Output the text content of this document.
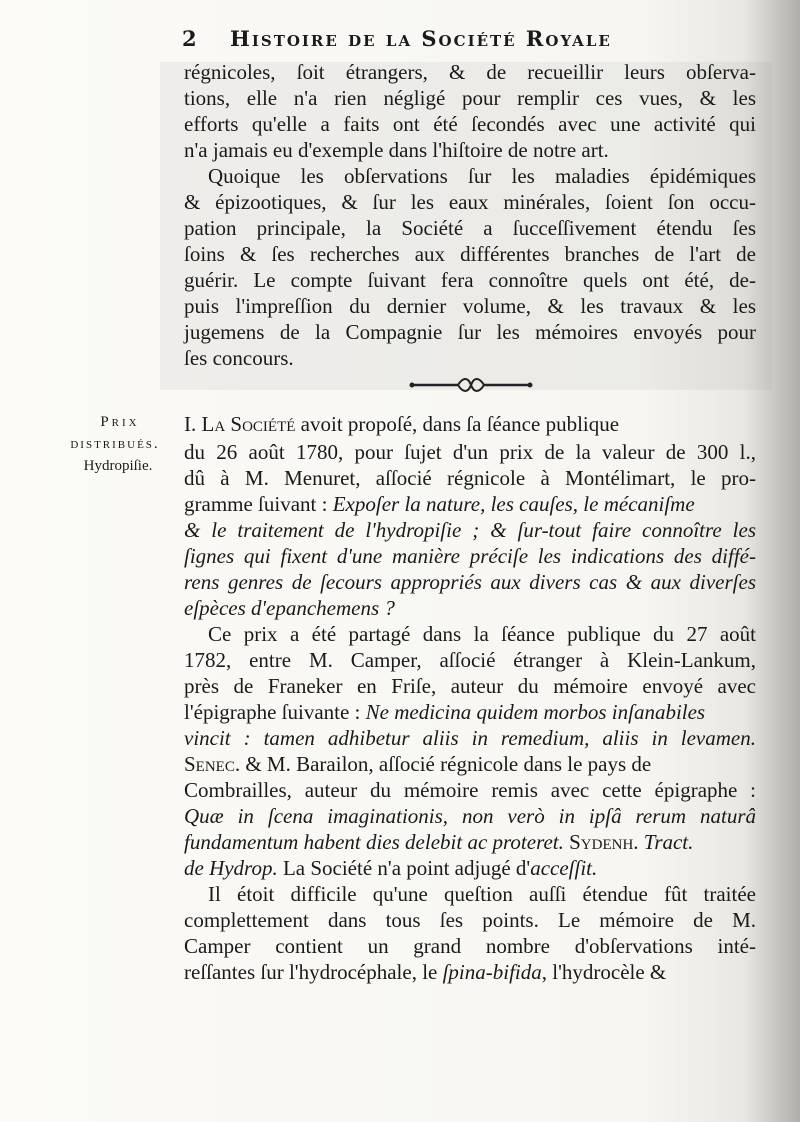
2 Histoire de la Société Royale
régnicoles, ſoit étrangers, & de recueillir leurs obſerva-
tions, elle n'a rien négligé pour remplir ces vues, & les
efforts qu'elle a faits ont été ſecondés avec une activité qui
n'a jamais eu d'exemple dans l'hiſtoire de notre art.
Quoique les obſervations ſur les maladies épidémiques
& épizootiques, & ſur les eaux minérales, ſoient ſon occu-
pation principale, la Société a ſucceſſivement étendu ſes
ſoins & ſes recherches aux différentes branches de l'art de
guérir. Le compte ſuivant fera connoître quels ont été, de-
puis l'impreſſion du dernier volume, & les travaux & les
jugemens de la Compagnie ſur les mémoires envoyés pour
ſes concours.
Prix
distribués.
Hydropiſie.
I. La Société avoit propoſé, dans ſa ſéance publique
du 26 août 1780, pour ſujet d'un prix de la valeur de 300 l.,
dû à M. Menuret, aſſocié régnicole à Montélimart, le pro-
gramme ſuivant : Expoſer la nature, les cauſes, le mécaniſme
& le traitement de l'hydropiſie ; & ſur-tout faire connoître les
ſignes qui fixent d'une manière préciſe les indications des diffé-
rens genres de ſecours appropriés aux divers cas & aux diverſes
eſpèces d'epanchemens ?
Ce prix a été partagé dans la ſéance publique du 27 août
1782, entre M. Camper, aſſocié étranger à Klein-Lankum,
près de Franeker en Friſe, auteur du mémoire envoyé avec
l'épigraphe ſuivante : Ne medicina quidem morbos inſanabiles
vincit : tamen adhibetur aliis in remedium, aliis in levamen.
Senec. & M. Barailon, aſſocié régnicole dans le pays de
Combrailles, auteur du mémoire remis avec cette épigraphe :
Quæ in ſcena imaginationis, non verò in ipſâ rerum naturâ
fundamentum habent dies delebit ac proteret. Sydenh. Tract.
de Hydrop. La Société n'a point adjugé d'acceſſit.
Il étoit difficile qu'une queſtion auſſi étendue fût traitée
complettement dans tous ſes points. Le mémoire de M.
Camper contient un grand nombre d'obſervations inté-
reſſantes ſur l'hydrocéphale, le ſpina-bifida, l'hydrocèle &
